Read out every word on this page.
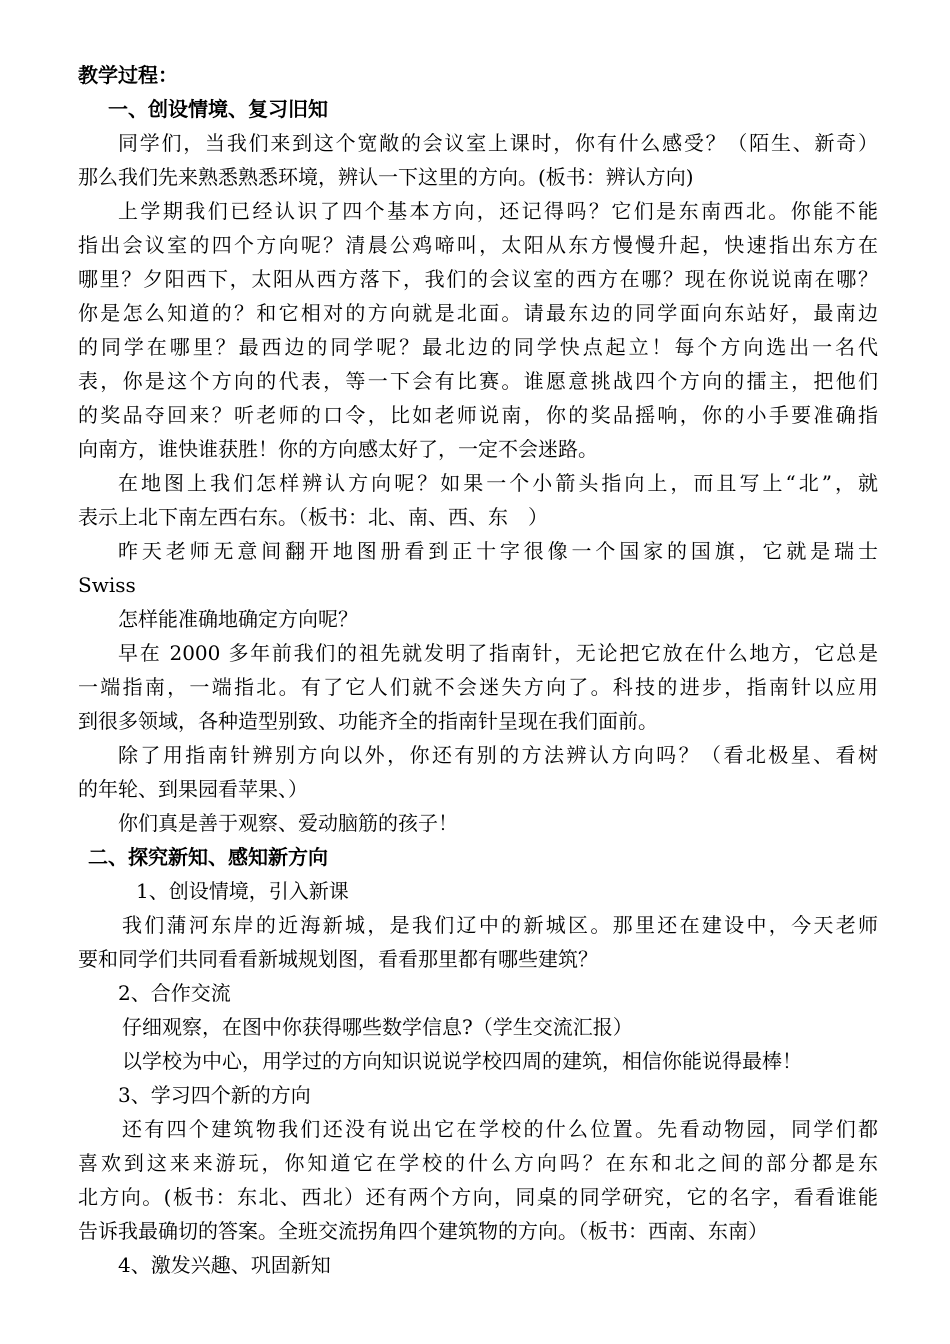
教学过程：
一、创设情境、复习旧知
同学们，当我们来到这个宽敞的会议室上课时，你有什么感受？（陌生、新奇）
那么我们先来熟悉熟悉环境，辨认一下这里的方向。(板书：辨认方向)
上学期我们已经认识了四个基本方向，还记得吗？它们是东南西北。你能不能
指出会议室的四个方向呢？清晨公鸡啼叫，太阳从东方慢慢升起，快速指出东方在
哪里？夕阳西下，太阳从西方落下，我们的会议室的西方在哪？现在你说说南在哪？
你是怎么知道的？和它相对的方向就是北面。请最东边的同学面向东站好，最南边
的同学在哪里？最西边的同学呢？最北边的同学快点起立！每个方向选出一名代
表，你是这个方向的代表，等一下会有比赛。谁愿意挑战四个方向的擂主，把他们
的奖品夺回来？听老师的口令，比如老师说南，你的奖品摇响，你的小手要准确指
向南方，谁快谁获胜！你的方向感太好了，一定不会迷路。
在地图上我们怎样辨认方向呢？如果一个小箭头指向上，而且写上“北”，就
表示上北下南左西右东。（板书：北、南、西、东　）
昨天老师无意间翻开地图册看到正十字很像一个国家的国旗，它就是瑞士
Swiss
怎样能准确地确定方向呢？
早在 2000 多年前我们的祖先就发明了指南针，无论把它放在什么地方，它总是
一端指南，一端指北。有了它人们就不会迷失方向了。科技的进步，指南针以应用
到很多领域，各种造型别致、功能齐全的指南针呈现在我们面前。
除了用指南针辨别方向以外，你还有别的方法辨认方向吗？（看北极星、看树
的年轮、到果园看苹果、）
你们真是善于观察、爱动脑筋的孩子！
二、探究新知、感知新方向
1、创设情境，引入新课
我们蒲河东岸的近海新城，是我们辽中的新城区。那里还在建设中，今天老师
要和同学们共同看看新城规划图，看看那里都有哪些建筑？
2、合作交流
仔细观察，在图中你获得哪些数学信息?（学生交流汇报）
以学校为中心，用学过的方向知识说说学校四周的建筑，相信你能说得最棒！
3、学习四个新的方向
还有四个建筑物我们还没有说出它在学校的什么位置。先看动物园，同学们都
喜欢到这来来游玩，你知道它在学校的什么方向吗？在东和北之间的部分都是东
北方向。(板书：东北、西北）还有两个方向，同桌的同学研究，它的名字，看看谁能
告诉我最确切的答案。全班交流拐角四个建筑物的方向。（板书：西南、东南）
4、激发兴趣、巩固新知
